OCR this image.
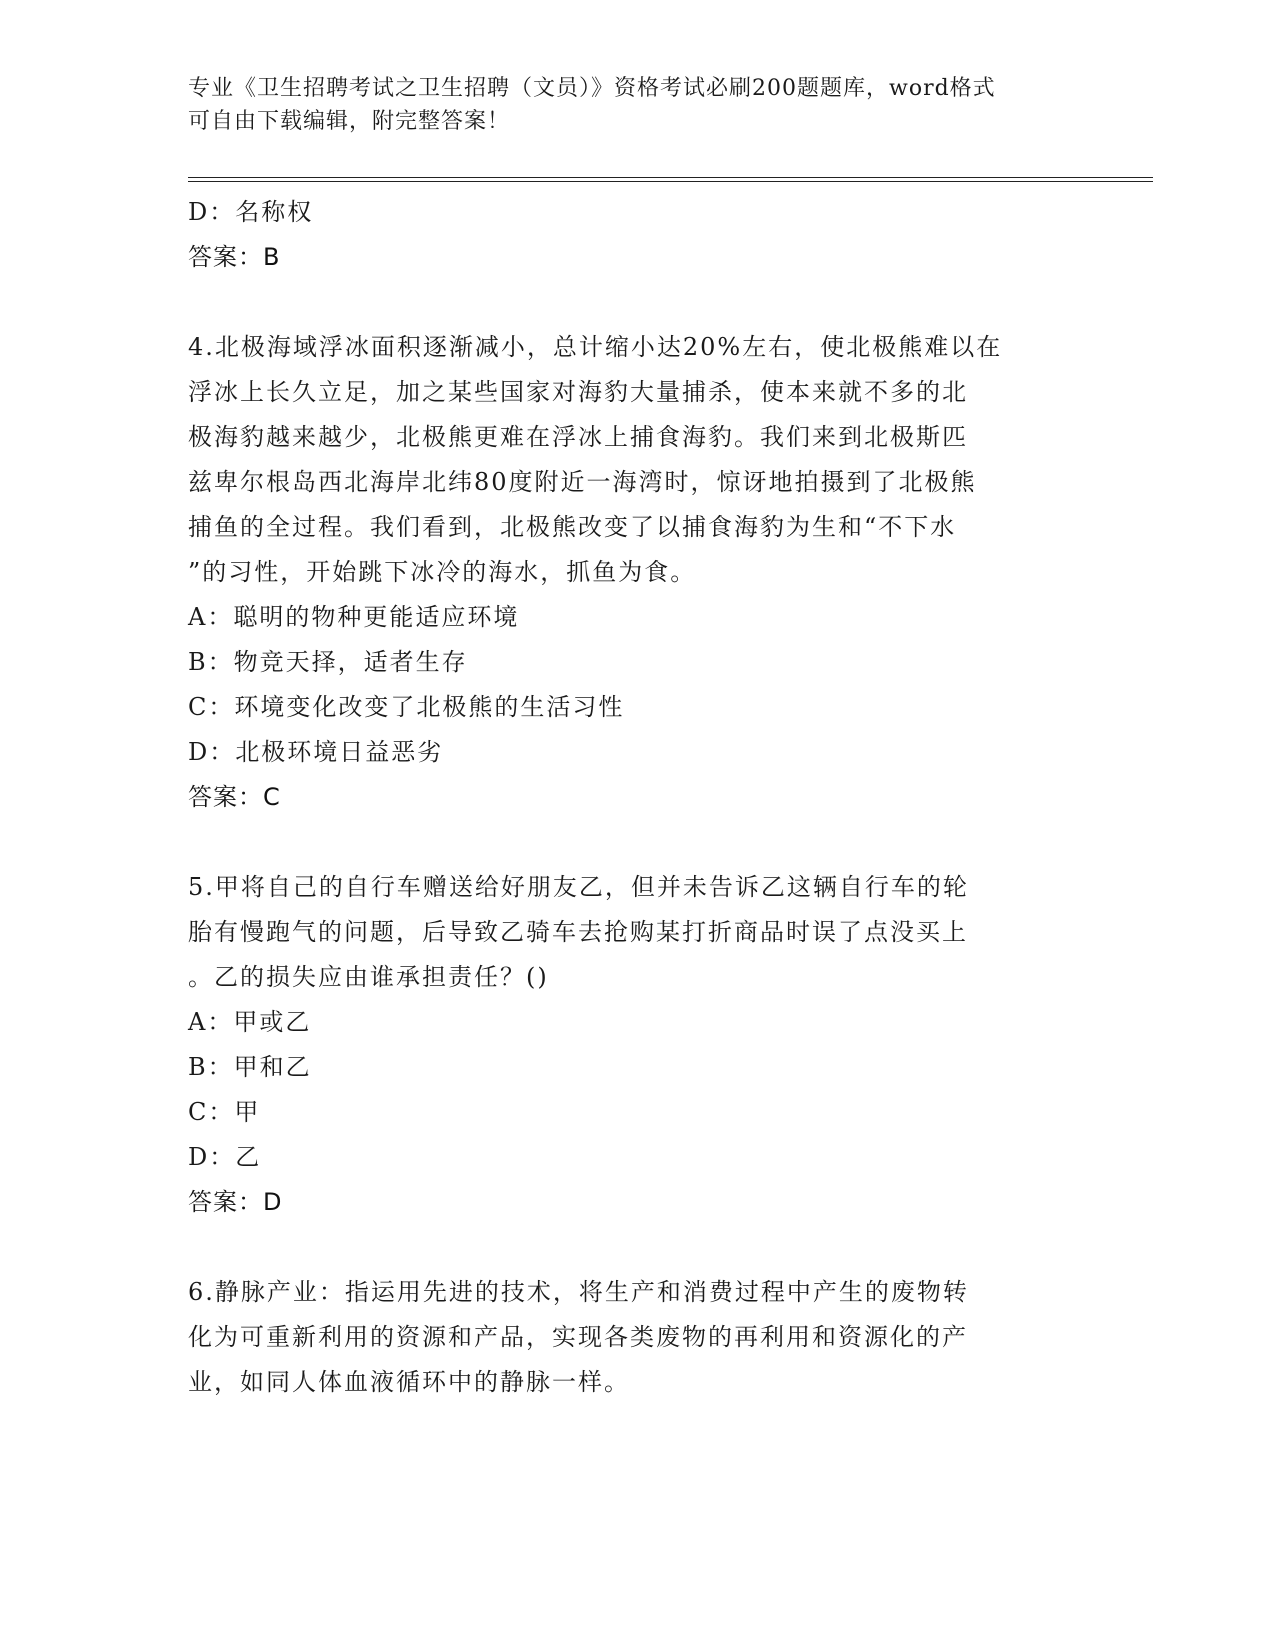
专业《卫生招聘考试之卫生招聘（文员）》资格考试必刷200题题库，word格式
可自由下载编辑，附完整答案！
D：名称权
答案：B
4.北极海域浮冰面积逐渐减小，总计缩小达20%左右，使北极熊难以在
浮冰上长久立足，加之某些国家对海豹大量捕杀，使本来就不多的北
极海豹越来越少，北极熊更难在浮冰上捕食海豹。我们来到北极斯匹
兹卑尔根岛西北海岸北纬80度附近一海湾时，惊讶地拍摄到了北极熊
捕鱼的全过程。我们看到，北极熊改变了以捕食海豹为生和“不下水
”的习性，开始跳下冰冷的海水，抓鱼为食。
A：聪明的物种更能适应环境
B：物竞天择，适者生存
C：环境变化改变了北极熊的生活习性
D：北极环境日益恶劣
答案：C
5.甲将自己的自行车赠送给好朋友乙，但并未告诉乙这辆自行车的轮
胎有慢跑气的问题，后导致乙骑车去抢购某打折商品时误了点没买上
。乙的损失应由谁承担责任？()
A：甲或乙
B：甲和乙
C：甲
D：乙
答案：D
6.静脉产业：指运用先进的技术，将生产和消费过程中产生的废物转
化为可重新利用的资源和产品，实现各类废物的再利用和资源化的产
业，如同人体血液循环中的静脉一样。
